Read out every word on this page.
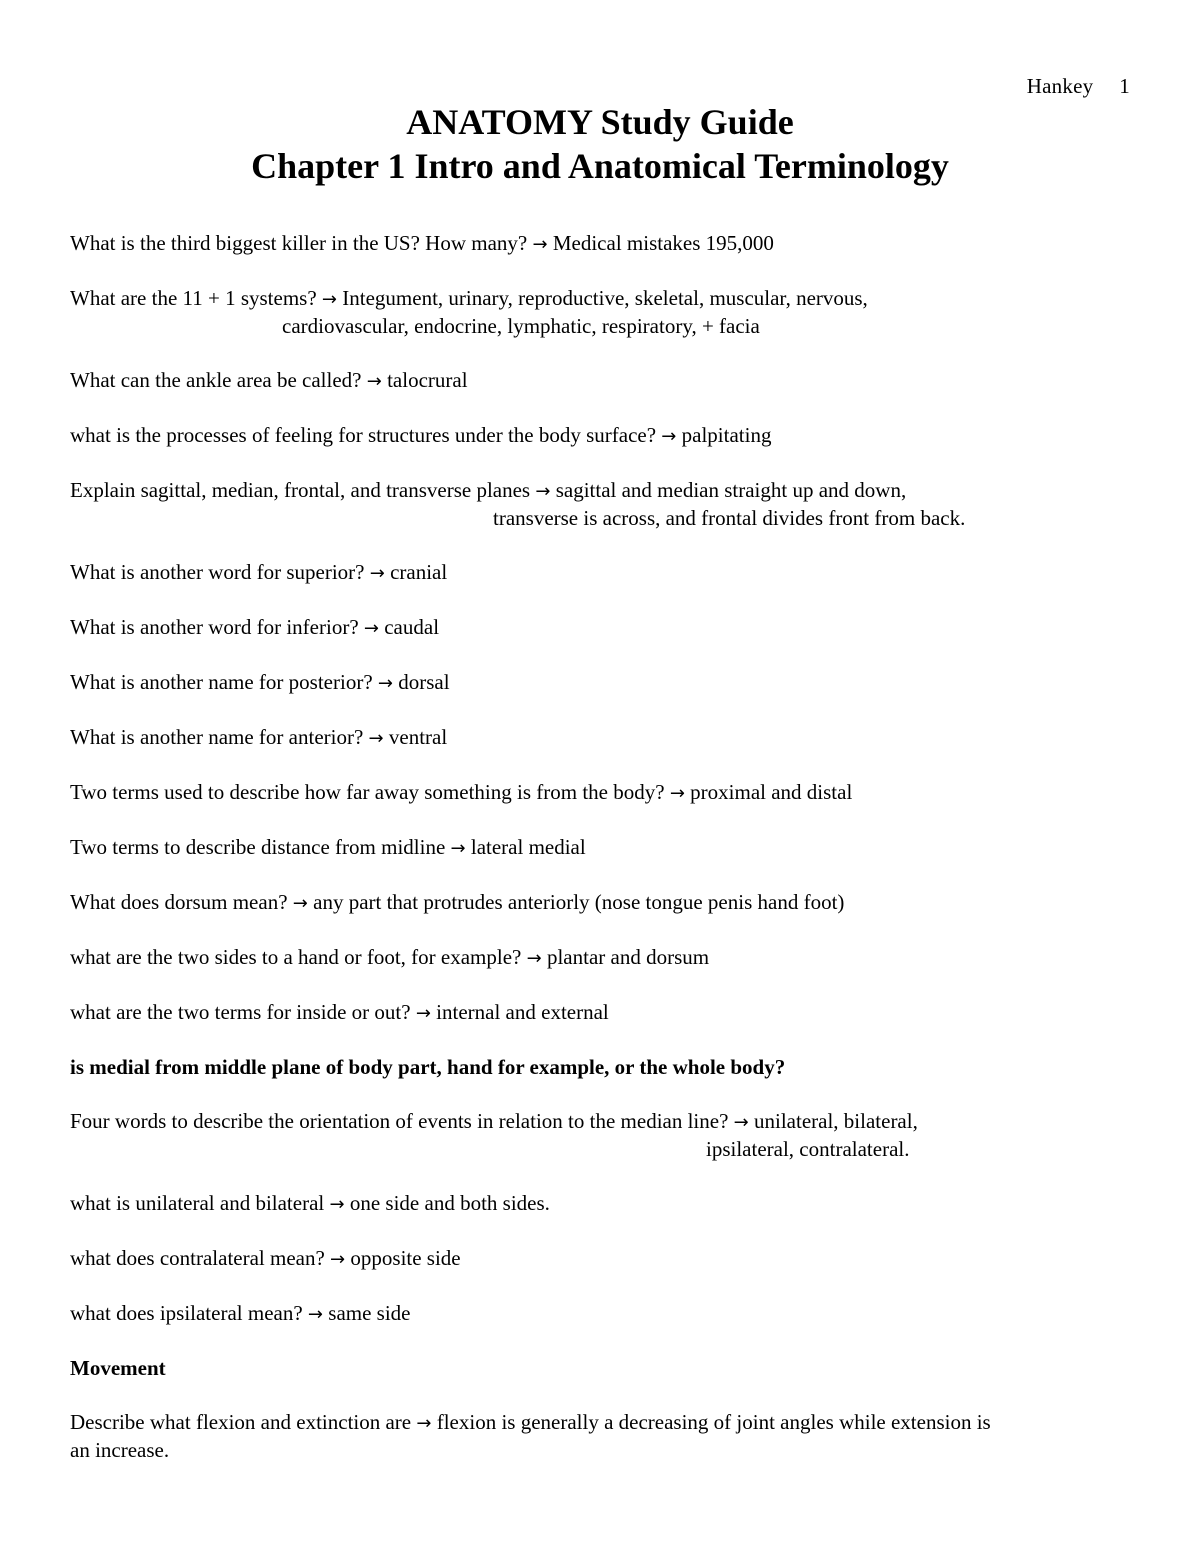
Hankey 1
ANATOMY Study Guide
Chapter 1 Intro and Anatomical Terminology

What is the third biggest killer in the US? How many? → Medical mistakes 195,000

What are the 11 + 1 systems? → Integument, urinary, reproductive, skeletal, muscular, nervous,
cardiovascular, endocrine, lymphatic, respiratory, + facia

What can the ankle area be called? → talocrural

what is the processes of feeling for structures under the body surface? → palpitating

Explain sagittal, median, frontal, and transverse planes → sagittal and median straight up and down,
transverse is across, and frontal divides front from back.

What is another word for superior? → cranial

What is another word for inferior? → caudal

What is another name for posterior? → dorsal

What is another name for anterior? → ventral

Two terms used to describe how far away something is from the body? → proximal and distal

Two terms to describe distance from midline → lateral medial

What does dorsum mean? → any part that protrudes anteriorly (nose tongue penis hand foot)

what are the two sides to a hand or foot, for example? → plantar and dorsum

what are the two terms for inside or out? → internal and external

is medial from middle plane of body part, hand for example, or the whole body?

Four words to describe the orientation of events in relation to the median line? → unilateral, bilateral,
ipsilateral, contralateral.

what is unilateral and bilateral → one side and both sides.

what does contralateral mean? → opposite side

what does ipsilateral mean? → same side

Movement

Describe what flexion and extinction are → flexion is generally a decreasing of joint angles while extension is
an increase.
